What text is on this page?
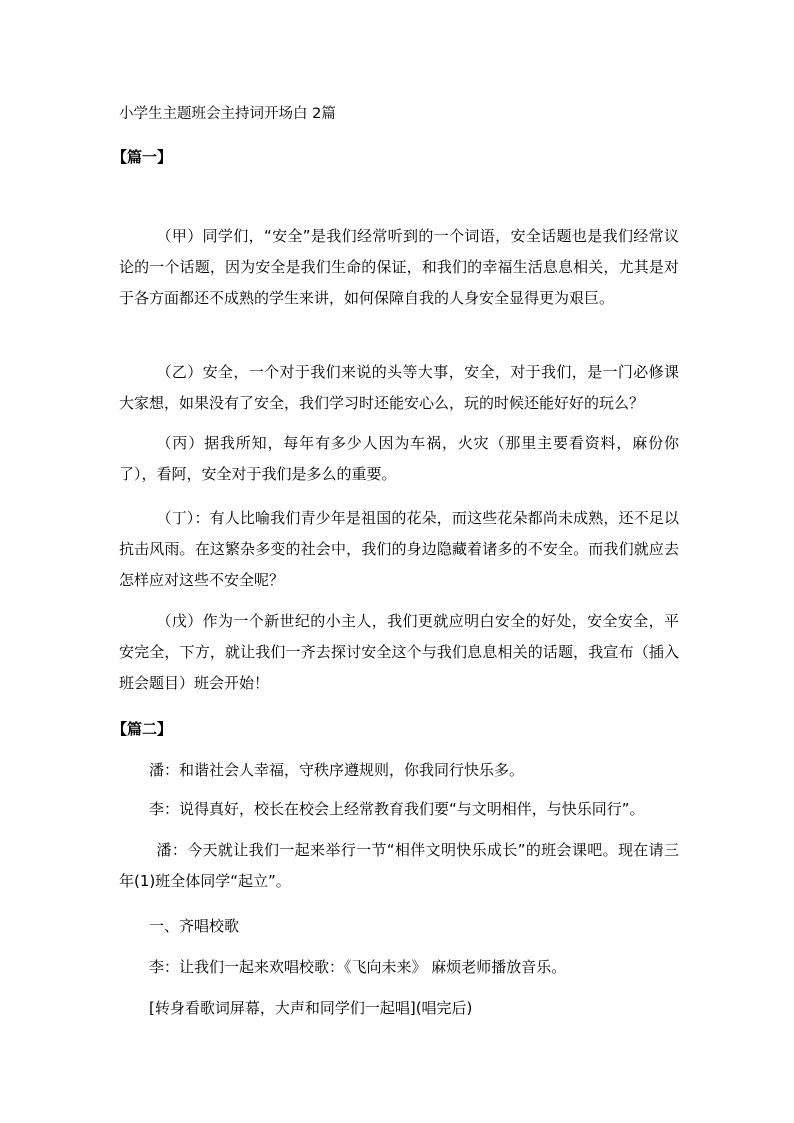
小学生主题班会主持词开场白 2篇
【篇一】

（甲）同学们，“安全”是我们经常听到的一个词语，安全话题也是我们经常议论的一个话题，因为安全是我们生命的保证，和我们的幸福生活息息相关，尤其是对于各方面都还不成熟的学生来讲，如何保障自我的人身安全显得更为艰巨。

（乙）安全，一个对于我们来说的头等大事，安全，对于我们，是一门必修课大家想，如果没有了安全，我们学习时还能安心么，玩的时候还能好好的玩么？

（丙）据我所知，每年有多少人因为车祸，火灾（那里主要看资料，麻份你了），看阿，安全对于我们是多么的重要。

（丁）：有人比喻我们青少年是祖国的花朵，而这些花朵都尚未成熟，还不足以抗击风雨。在这繁杂多变的社会中，我们的身边隐藏着诸多的不安全。而我们就应去怎样应对这些不安全呢？

（戊）作为一个新世纪的小主人，我们更就应明白安全的好处，安全安全，平安完全，下方，就让我们一齐去探讨安全这个与我们息息相关的话题，我宣布（插入班会题目）班会开始！

【篇二】
潘：和谐社会人幸福，守秩序遵规则，你我同行快乐多。
李：说得真好，校长在校会上经常教育我们要“与文明相伴，与快乐同行”。

潘：今天就让我们一起来举行一节“相伴文明快乐成长”的班会课吧。现在请三年(1)班全体同学“起立”。

一、齐唱校歌
李：让我们一起来欢唱校歌：《飞向未来》 麻烦老师播放音乐。
[转身看歌词屏幕，大声和同学们一起唱](唱完后)
